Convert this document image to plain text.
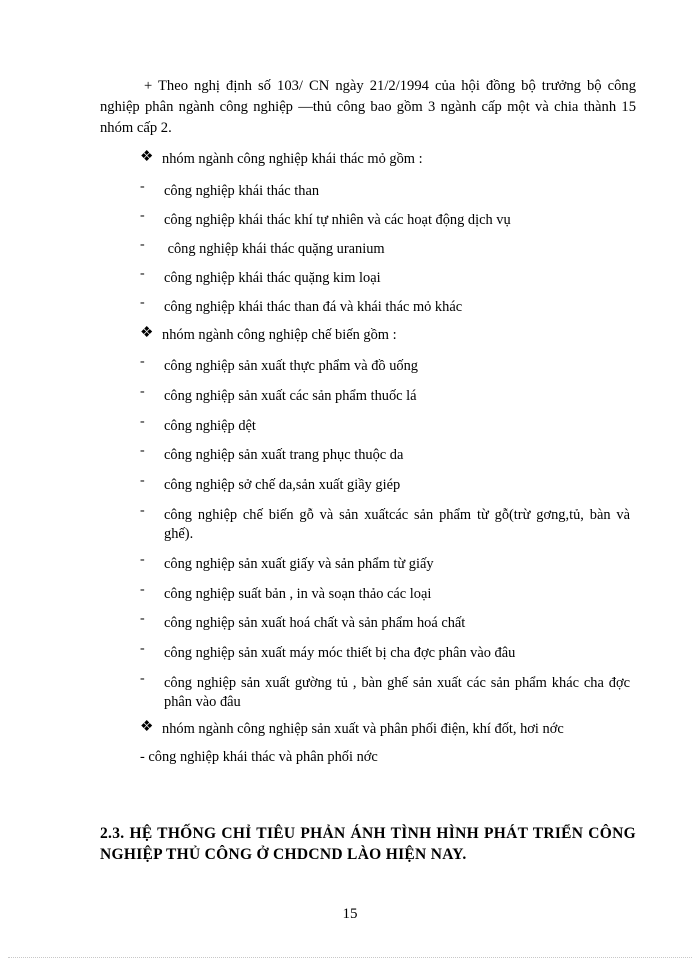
+ Theo nghị định số 103/ CN ngày 21/2/1994 của hội đồng bộ trưởng bộ công nghiệp phân ngành công nghiệp —thủ công bao gồm 3 ngành cấp một và chia thành 15 nhóm cấp 2.

❖ nhóm ngành công nghiệp khái thác mỏ gồm :
- công nghiệp khái thác than
- công nghiệp khái thác khí tự nhiên và các hoạt động dịch vụ
- công nghiệp khái thác quặng uranium
- công nghiệp khái thác quặng kim loại
- công nghiệp khái thác than đá và khái thác mỏ khác
❖ nhóm ngành công nghiệp chế biến gồm :
- công nghiệp sản xuất thực phẩm và đồ uống
- công nghiệp sản xuất các sản phẩm thuốc lá
- công nghiệp dệt
- công nghiệp sản xuất trang phục thuộc da
- công nghiệp sở chế da,sản xuất giầy giép
- công nghiệp chế biến gỗ và sản xuấtcác sản phẩm từ gỗ(trừ gơng,tủ, bàn và ghế).
- công nghiệp sản xuất giấy và sản phẩm từ giấy
- công nghiệp suất bản , in và soạn thảo các loại
- công nghiệp sản xuất hoá chất và sản phẩm hoá chất
- công nghiệp sản xuất máy móc thiết bị cha đợc phân vào đâu
- công nghiệp sản xuất gường tủ , bàn ghế sản xuất các sản phẩm khác cha đợc phân vào đâu
❖ nhóm ngành công nghiệp sản xuất và phân phối điện, khí đốt, hơi nớc
- công nghiệp khái thác và phân phối nớc
2.3. HỆ THỐNG CHỈ TIÊU PHẢN ÁNH TÌNH HÌNH PHÁT TRIỂN CÔNG NGHIỆP THỦ CÔNG Ở CHDCND LÀO HIỆN NAY.
15
